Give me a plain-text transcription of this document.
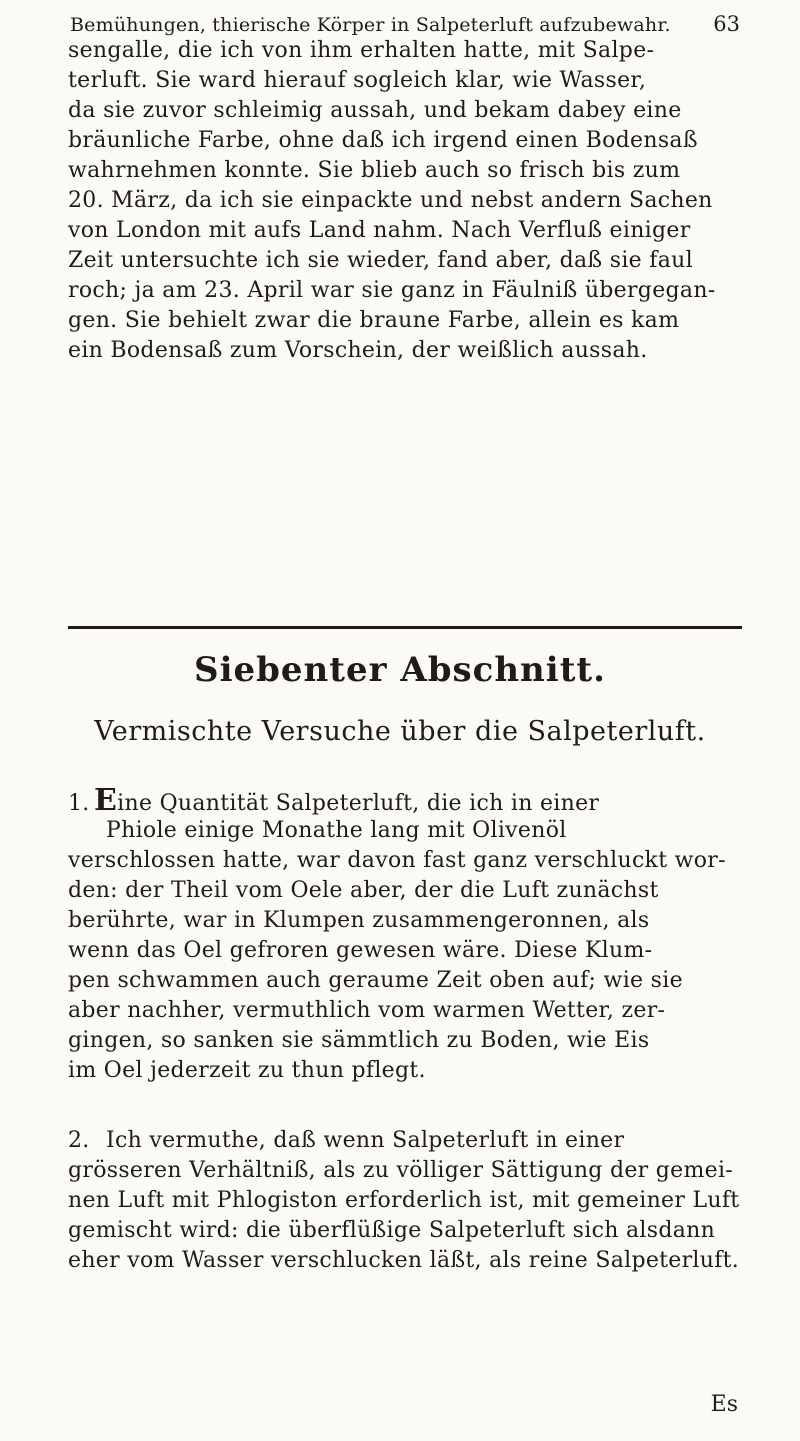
Bemühungen, thierische Körper in Salpeterluft aufzubewahr. 63
sengalle, die ich von ihm erhalten hatte, mit Salpe-
terluft. Sie ward hierauf sogleich klar, wie Wasser,
da sie zuvor schleimig aussah, und bekam dabey eine
bräunliche Farbe, ohne daß ich irgend einen Bodensaß
wahrnehmen konnte. Sie blieb auch so frisch bis zum
20. März, da ich sie einpackte und nebst andern Sachen
von London mit aufs Land nahm. Nach Verfluß einiger
Zeit untersuchte ich sie wieder, fand aber, daß sie faul
roch; ja am 23. April war sie ganz in Fäulniß übergegan-
gen. Sie behielt zwar die braune Farbe, allein es kam
ein Bodensaß zum Vorschein, der weißlich aussah.
Siebenter Abschnitt.
Vermischte Versuche über die Salpeterluft.
1. Eine Quantität Salpeterluft, die ich in einer
Phiole einige Monathe lang mit Olivenöl
verschlossen hatte, war davon fast ganz verschluckt wor-
den: der Theil vom Oele aber, der die Luft zunächst
berührte, war in Klumpen zusammengeronnen, als
wenn das Oel gefroren gewesen wäre. Diese Klum-
pen schwammen auch geraume Zeit oben auf; wie sie
aber nachher, vermuthlich vom warmen Wetter, zer-
gingen, so sanken sie sämmtlich zu Boden, wie Eis
im Oel jederzeit zu thun pflegt.
2. Ich vermuthe, daß wenn Salpeterluft in einer
grösseren Verhältniß, als zu völliger Sättigung der gemei-
nen Luft mit Phlogiston erforderlich ist, mit gemeiner Luft
gemischt wird: die überflüßige Salpeterluft sich alsdann
eher vom Wasser verschlucken läßt, als reine Salpeterluft.
Es
